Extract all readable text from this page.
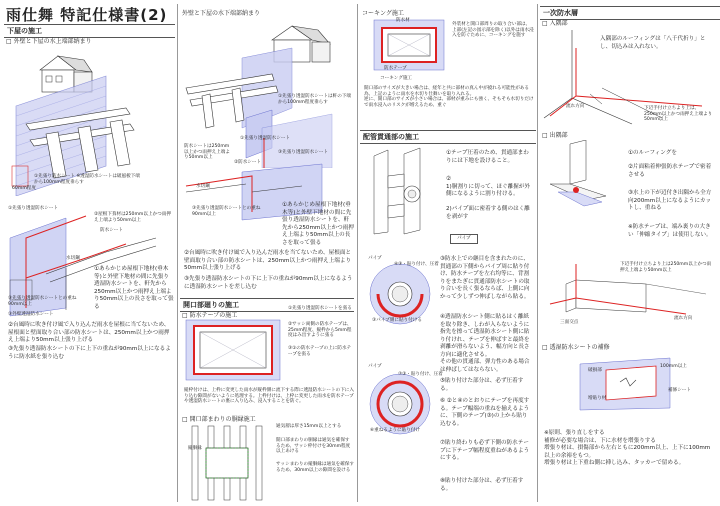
雨仕舞 特記仕様書(2)
下屋の施工
□ 外壁と下屋の水上端部納まり
①先張り防水シート ※透湿防水シートは破風板下端から100mm程度垂らす
60mm程度
①先張り透湿防水シート
②屋根下葺材は250mm以上かつ雨押え上端より50mm以上
防水シート
水切鋼
③先張り透湿防水シートとの重ね90mm以上
③外壁透湿防水シート
①あらかじめ屋根下地材(垂木等)と外壁下地材の間に先張り透湿防水シートを、軒先から250mm以上かつ雨押え上端より50mm以上の長さを取って張る
②台風時に吹き付け風で入り込んだ雨水を屋根に当てないため、屋根面と壁面取り合い部の防水シートは、250mm以上かつ雨押え上端より50mm以上張り上げる
③先張り透湿防水シートの下に上下の重ねが90mm以上になるように防水紙を張り込む
外壁と下屋の水下端部納まり
①先張り透湿防水シートは軒の下端から100mm程度垂らす
①先張り透湿防水シート
防水シートは250mm以上かつ雨押え上端より50mm以上
③先張り透湿防水シート
②防水シート
水切鋼
③先張り透湿防水シートとの重ね90mm以上
①あらかじめ屋根下地材(垂木等)と外壁下地材の間に先張り透湿防水シートを、軒先から250mm以上かつ雨押え上端より50mm以上の長さを取って張る
②台風時に吹き付け風で入り込んだ雨水を当てないため、屋根面と壁面取り合い部の防水シートは、250mm以上かつ雨押え上端より50mm以上張り上げる
③先張り透湿防水シートの下に上下の重ねが90mm以上になるように透湿防水シートを差し込む
開口部廻りの施工
□ 防水テープの施工
②サッシ両側の防水テープは、25mm程度、縦枠から5mm程度はみ出すように張る
③①の防水テープの上に防水テープを張る
①先張り透湿防水シートを張る
縦枠付けは、上枠に変更した雨水が縦枠側に流下する際に透湿防水シートの下に入り込む隙間がないように処理する。上枠付けは、上枠に変更した雨水を防水テープや透湿防水シートの裏に入り込み、浸入することを防ぐ。
□ 開口部まわりの胴縁施工
縦胴縁
通気層は厚さ15mm以上とする
開口部まわりの胴縁は通気を確保するため、サッシ枠付けを30mm程度以上あける
サッシまわりの縦胴縁は通気を確保するため、30mm以上の隙間を設ける
コーキング施工
防水材
防水テープ
コーキング施工
外装材と開口部周りの取り合い部は、上部(左記の図示部を除く)以外は雨水浸入を防ぐために、コーキングを施す
開口部のサイズが大きい場合は、経年と共に部材の真ん中が撓れる可能性がある為、上記のように雨水を水切り仕舞いを取り入れる。
逆に、開口部のサイズが小さい場合は、部材が重みにも強く、そもそも水切りだけで雨水浸入のリスクが増えるため、重ぐ
配管貫通部の施工
①テープ圧着のため、貫通部まわりには下地を設けること。
②
1)胴割りに切って、ほぐ離握が外側になるように割り付ける。
2)パイプ面に密着する側のはく離を剥がす
パイプ
パイプ
④③・貼り付け、圧着
③パイプ側に貼り付ける
パイプ
⑦③・貼り付け、圧着
⑥重ねるように貼り付け
③防水上での継目を含まれたのに、貫通部の下側からパイプ周に貼り付け、防水テープを左右均等に、背割りをまたぎに貫通部防水シートの取り合いを長く張るならば、上側に向かって少しずつ伸ばしながら貼る。
④透湿防水シート側に貼るはく離紙を取り除き、しわが入らないように指先を擦って透湿防水シート側に貼り付けれ、テープを伸ばすと最終を剥離が滑らないよう、幅方向と長さ方向に適化させる。
その他の貫通部、弾力性のある場合は伸ばしてはならない。
⑤貼り付けた部分は、必ず圧着する。
⑥ ②と④のとおりにテープを再度する。テープ幅端の重ねを揃えるように、下側のテープ(③)の上から貼り込むる。
⑦貼り終わりも必ず下側の防水テープに下テープ幅程度重ねがあるようにする。
⑧貼り付けた部分は、必ず圧着する。
一次防水層
□ 入隅部
入隅部のルーフィングは「八千代折り」とし、切込みは入れない。
流れ方向	下辺手付け立ちより上は、250mm以上かつ雨押え上端より50mm以上
□ 出隅部
①のルーフィングを
②片面粘着伸張防水テープで密着させる
③水上の下が辺付き出隅から全方向200mm以上になるようにカットし、重ねる
※防水テープは、端み裏りの大きい「伸縮タイプ」は使用しない。
下辺手付け立ちより上は250mm以上かつ雨押え上端より50mm以上
三面交点
流れ方向
□ 透湿防水シートの補修
100mm以上
補修シート
破損部
増貼り材
※原則、張り直しをする
補修が必要な場合は、下に水材を増張りする
増張り材は、損傷部から左右ともに200mm以上、上下に100mm以上の余裕をもつ。
増張り材は上下重ね側に挿し込み、タッカーで留める。
